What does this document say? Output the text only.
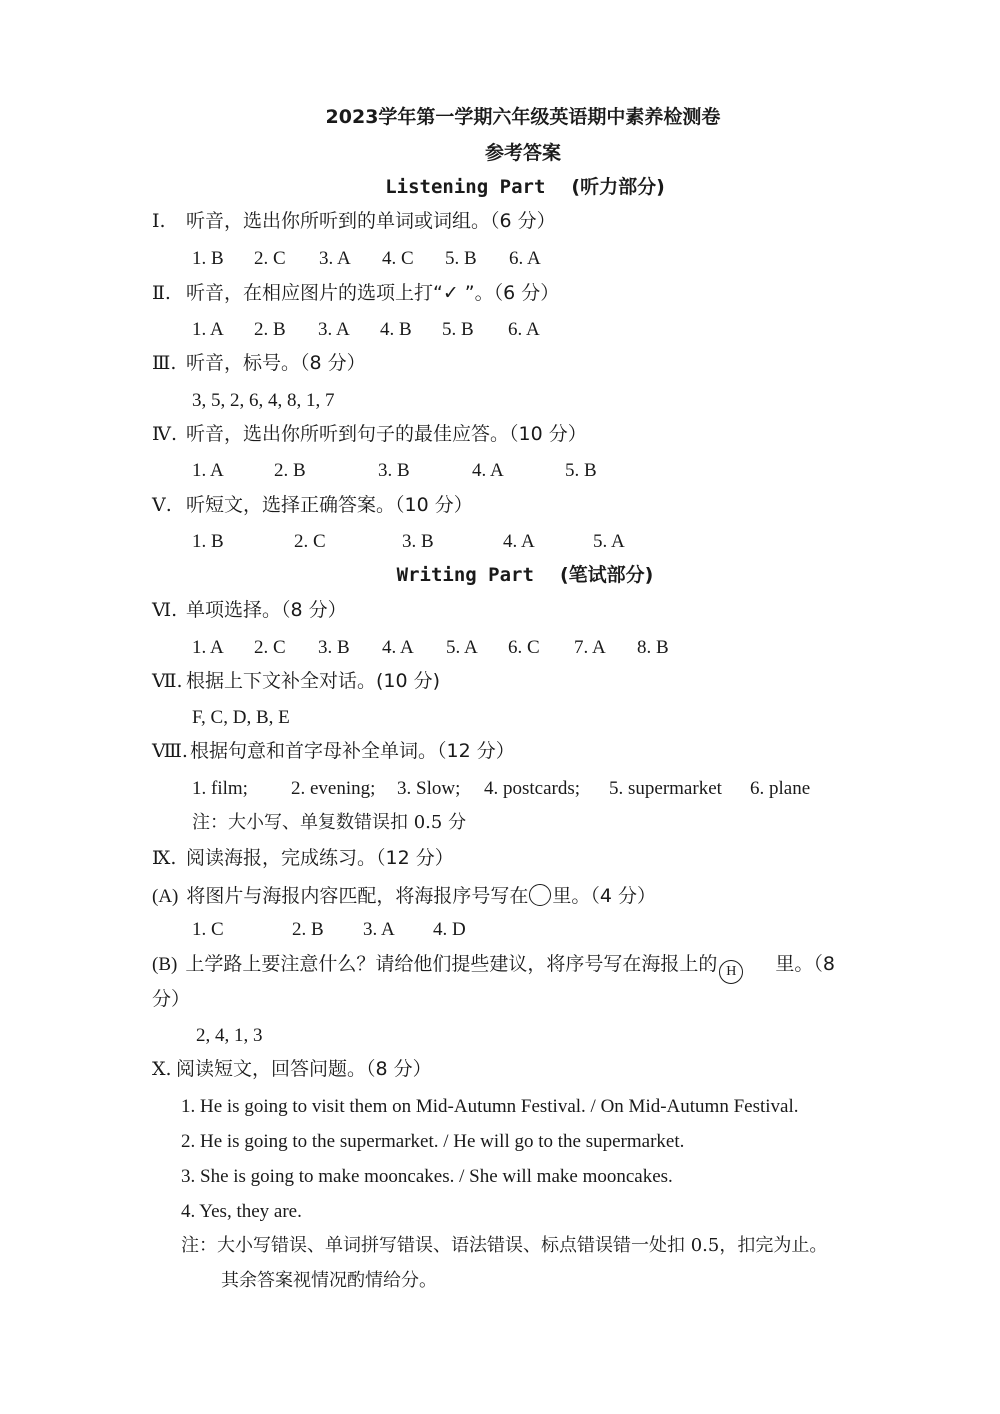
2023学年第一学期六年级英语期中素养检测卷
参考答案
Listening Part (听力部分)
Ⅰ. 听音，选出你所听到的单词或词组。（6 分）
1. B 2. C 3. A 4. C 5. B 6. A
Ⅱ. 听音，在相应图片的选项上打“✓ ”。（6 分）
1. A 2. B 3. A 4. B 5. B 6. A
Ⅲ. 听音，标号。（8 分）
3, 5, 2, 6, 4, 8, 1, 7
Ⅳ. 听音，选出你所听到句子的最佳应答。（10 分）
1. A	2. B	3. B	4. A	5. B
Ⅴ. 听短文，选择正确答案。（10 分）
1. B	2. C	3. B	4. A	5. A
Writing Part (笔试部分)
Ⅵ. 单项选择。（8 分）
1. A 2. C 3. B 4. A 5. A 6. C 7. A 8. B
Ⅶ. 根据上下文补全对话。(10 分)
F, C, D, B, E
Ⅷ. 根据句意和首字母补全单词。（12 分）
1. film; 2. evening; 3. Slow; 4. postcards; 5. supermarket 6. plane
注：大小写、单复数错误扣 0.5 分
Ⅸ. 阅读海报，完成练习。（12 分）
(A) 将图片与海报内容匹配，将海报序号写在 里。（4 分）
1. C	2. B 3. A 4. D
(B) 上学路上要注意什么？请给他们提些建议，将序号写在海报上的 H 里。（8
分）
2, 4, 1, 3
Ⅹ. 阅读短文，回答问题。（8 分）
1. He is going to visit them on Mid-Autumn Festival. / On Mid-Autumn Festival.
2. He is going to the supermarket. / He will go to the supermarket.
3. She is going to make mooncakes. / She will make mooncakes.
4. Yes, they are.
注：大小写错误、单词拼写错误、语法错误、标点错误错一处扣 0.5，扣完为止。
其余答案视情况酌情给分。
